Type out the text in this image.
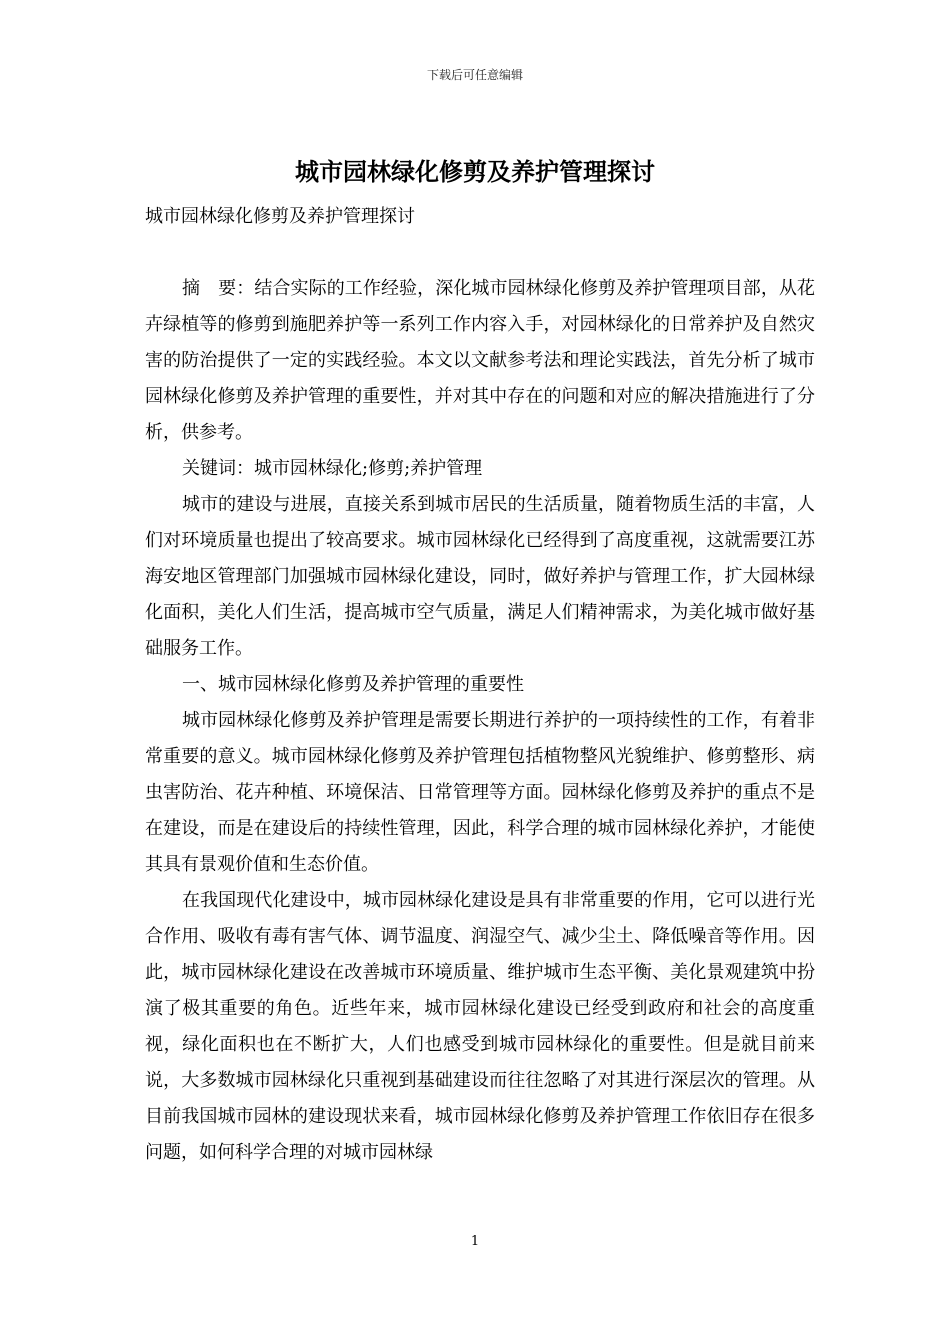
下载后可任意编辑
城市园林绿化修剪及养护管理探讨

城市园林绿化修剪及养护管理探讨

摘　要：结合实际的工作经验，深化城市园林绿化修剪及养护管理项目部，从花卉绿植等的修剪到施肥养护等一系列工作内容入手，对园林绿化的日常养护及自然灾害的防治提供了一定的实践经验。本文以文献参考法和理论实践法，首先分析了城市园林绿化修剪及养护管理的重要性，并对其中存在的问题和对应的解决措施进行了分析，供参考。

关键词：城市园林绿化;修剪;养护管理

城市的建设与进展，直接关系到城市居民的生活质量，随着物质生活的丰富，人们对环境质量也提出了较高要求。城市园林绿化已经得到了高度重视，这就需要江苏海安地区管理部门加强城市园林绿化建设，同时，做好养护与管理工作，扩大园林绿化面积，美化人们生活，提高城市空气质量，满足人们精神需求，为美化城市做好基础服务工作。

一、城市园林绿化修剪及养护管理的重要性

城市园林绿化修剪及养护管理是需要长期进行养护的一项持续性的工作，有着非常重要的意义。城市园林绿化修剪及养护管理包括植物整风光貌维护、修剪整形、病虫害防治、花卉种植、环境保洁、日常管理等方面。园林绿化修剪及养护的重点不是在建设，而是在建设后的持续性管理，因此，科学合理的城市园林绿化养护，才能使其具有景观价值和生态价值。

在我国现代化建设中，城市园林绿化建设是具有非常重要的作用，它可以进行光合作用、吸收有毒有害气体、调节温度、润湿空气、减少尘土、降低噪音等作用。因此，城市园林绿化建设在改善城市环境质量、维护城市生态平衡、美化景观建筑中扮演了极其重要的角色。近些年来，城市园林绿化建设已经受到政府和社会的高度重视，绿化面积也在不断扩大，人们也感受到城市园林绿化的重要性。但是就目前来说，大多数城市园林绿化只重视到基础建设而往往忽略了对其进行深层次的管理。从目前我国城市园林的建设现状来看，城市园林绿化修剪及养护管理工作依旧存在很多问题，如何科学合理的对城市园林绿

1
